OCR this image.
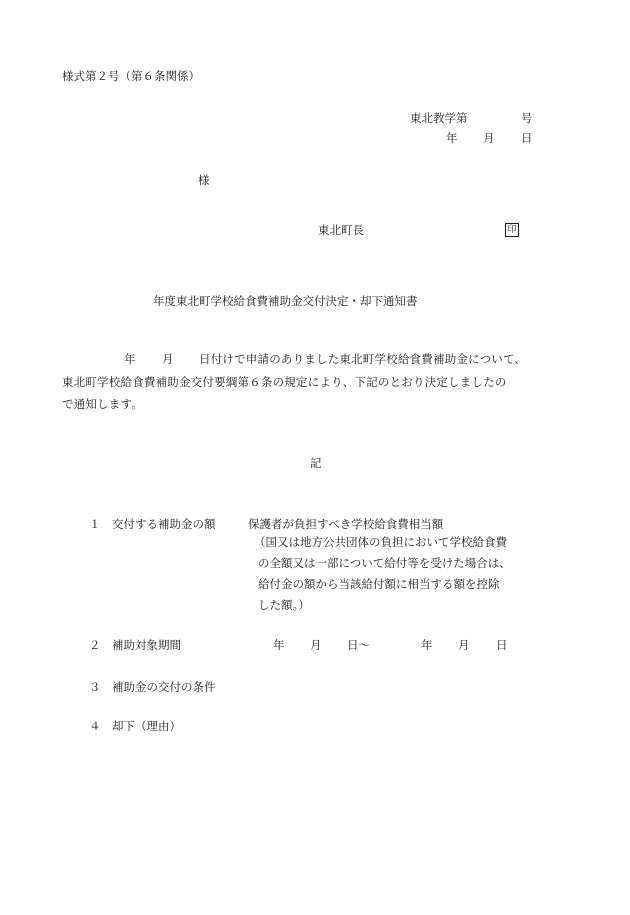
様式第２号（第６条関係）
東北教学第	号
年 月 日
様
東北町長	印
年度東北町学校給食費補助金交付決定・却下通知書
年 月 日付けで申請のありました東北町学校給食費補助金について、
東北町学校給食費補助金交付要綱第６条の規定により、下記のとおり決定しましたの
で通知します。
記
１ 交付する補助金の額	保護者が負担すべき学校給食費相当額
（国又は地方公共団体の負担において学校給食費
の全額又は一部について給付等を受けた場合は、
給付金の額から当該給付額に相当する額を控除
した額。）
２ 補助対象期間	年 月 日～	年 月 日
３ 補助金の交付の条件
４ 却下（理由）
